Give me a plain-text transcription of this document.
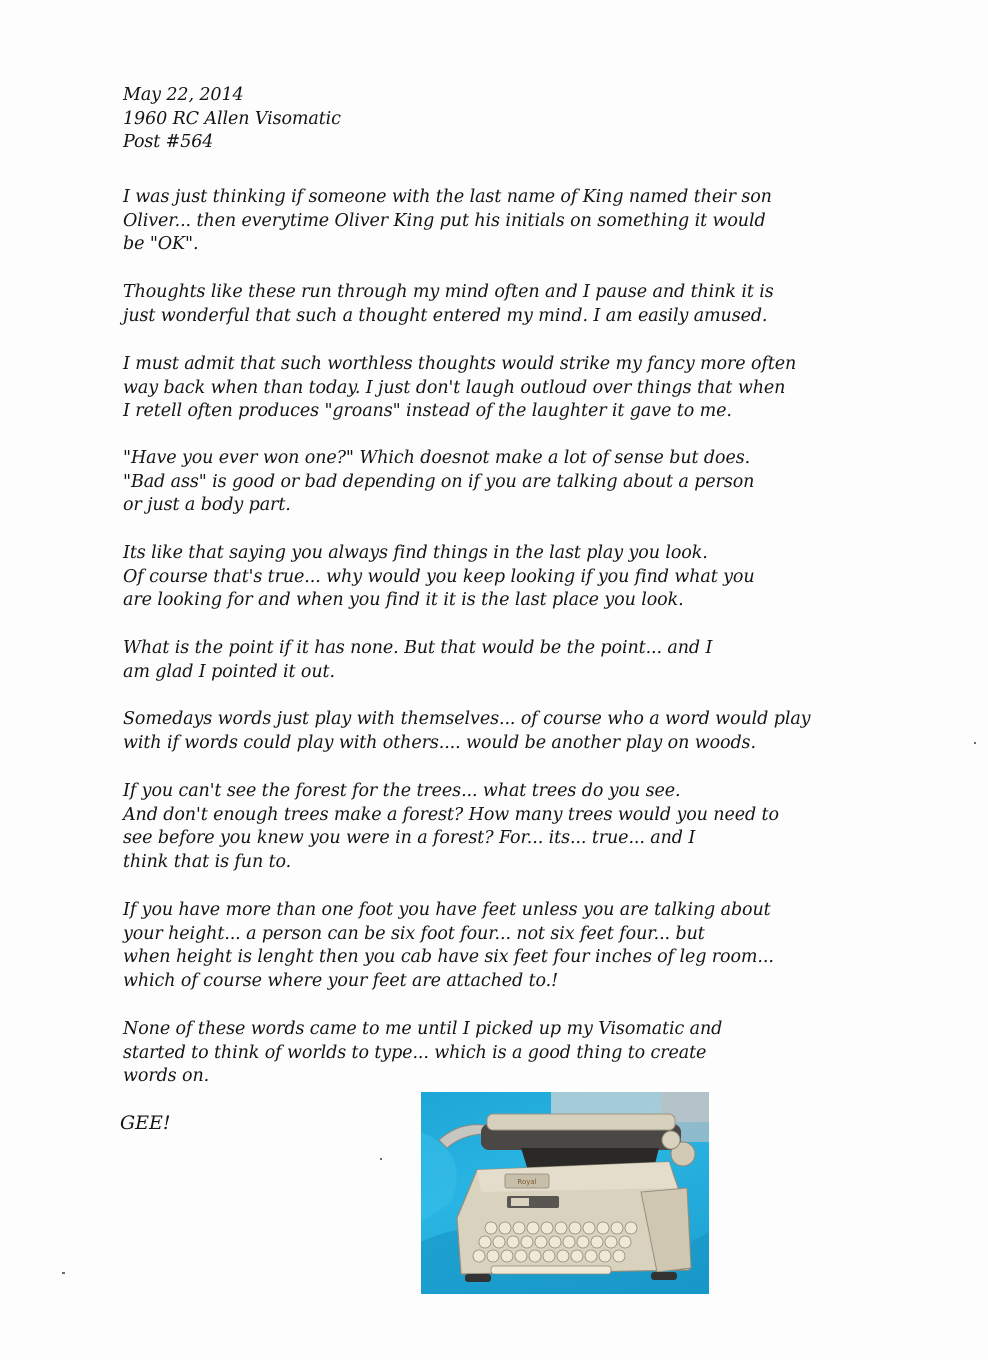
May 22, 2014
1960 RC Allen Visomatic
Post #564
I was just thinking if someone with the last name of King named their son
Oliver... then everytime Oliver King put his initials on something it would
be "OK".
Thoughts like these run through my mind often and I pause and think it is
just wonderful that such a thought entered my mind. I am easily amused.
I must admit that such worthless thoughts would strike my fancy more often
way back when than today. I just don't laugh outloud over things that when
I retell often produces "groans" instead of the laughter it gave to me.
"Have you ever won one?" Which doesnot make a lot of sense but does.
"Bad ass" is good or bad depending on if you are talking about a person
or just a body part.
Its like that saying you always find things in the last play you look.
Of course that's true... why would you keep looking if you find what you
are looking for and when you find it it is the last place you look.
What is the point if it has none. But that would be the point... and I
am glad I pointed it out.
Somedays words just play with themselves... of course who a word would play
with if words could play with others.... would be another play on woods.
If you can't see the forest for the trees... what trees do you see.
And don't enough trees make a forest? How many trees would you need to
see before you knew you were in a forest? For... its... true... and I
think that is fun to.
If you have more than one foot you have feet unless you are talking about
your height... a person can be six foot four... not six feet four... but
when height is lenght then you cab have six feet four inches of leg room...
which of course where your feet are attached to.!
None of these words came to me until I picked up my Visomatic and
started to think of worlds to type... which is a good thing to create
words on.
GEE!
Royal
